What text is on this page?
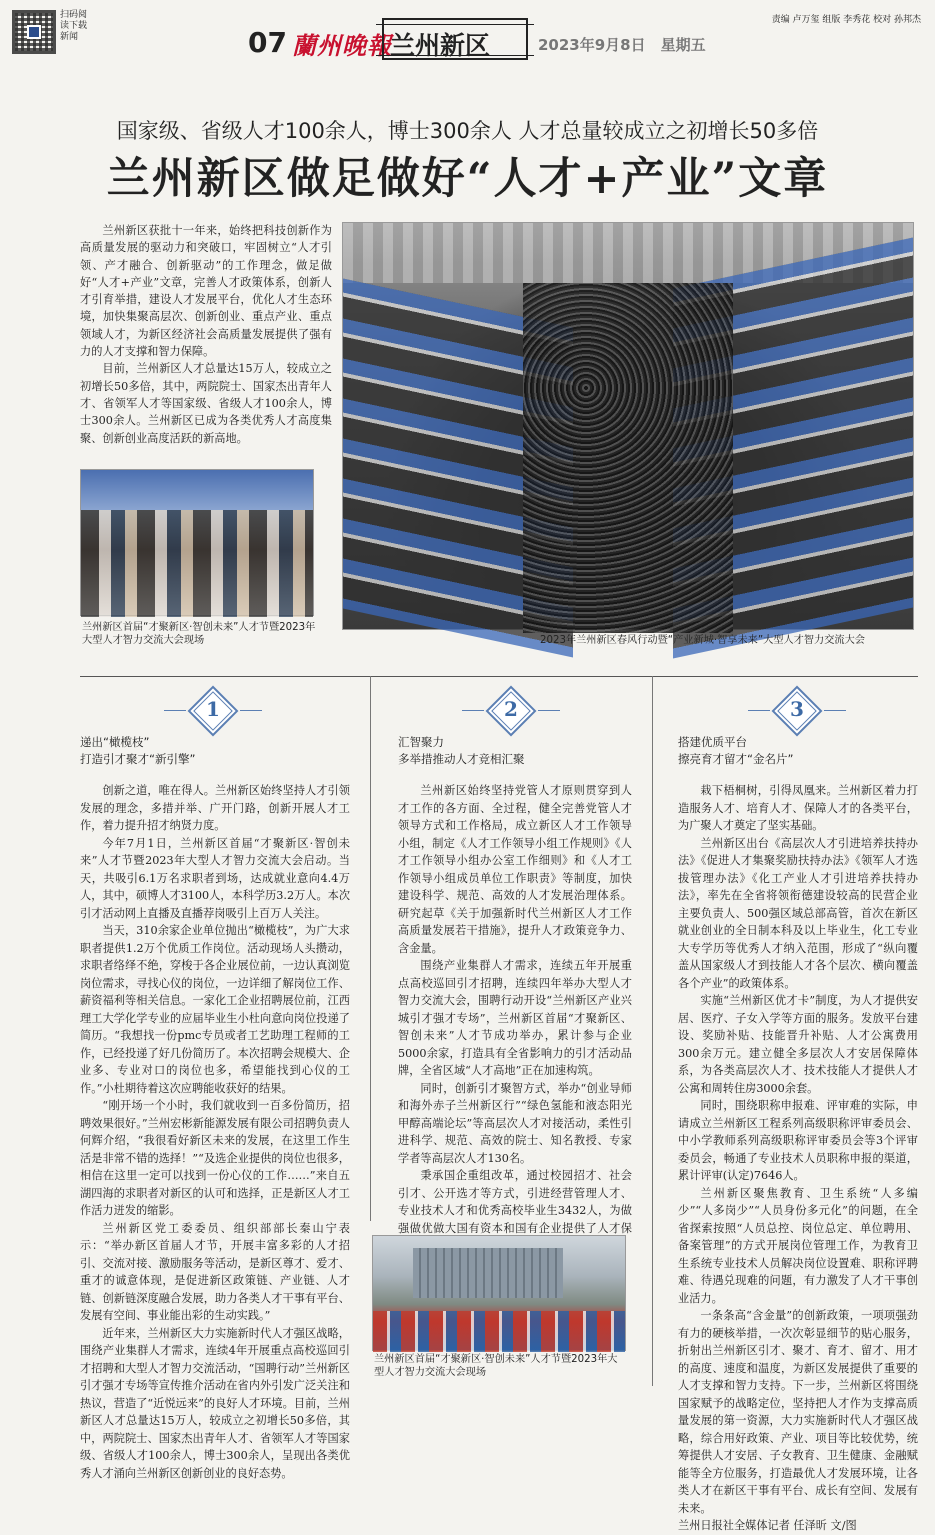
扫码阅读下载新闻	07 蘭州晚報
兰州新区	2023年9月8日　星期五
责编 卢万玺 组版 李秀花 校对 孙邦杰
国家级、省级人才100余人，博士300余人 人才总量较成立之初增长50多倍
兰州新区做足做好“人才+产业”文章

兰州新区获批十一年来，始终把科技创新作为高质量发展的驱动力和突破口，牢固树立“人才引领、产才融合、创新驱动”的工作理念，做足做好“人才+产业”文章，完善人才政策体系，创新人才引育举措，建设人才发展平台，优化人才生态环境，加快集聚高层次、创新创业、重点产业、重点领域人才，为新区经济社会高质量发展提供了强有力的人才支撑和智力保障。

目前，兰州新区人才总量达15万人，较成立之初增长50多倍，其中，两院院士、国家杰出青年人才、省领军人才等国家级、省级人才100余人，博士300余人。兰州新区已成为各类优秀人才高度集聚、创新创业高度活跃的新高地。

兰州新区首届“才聚新区·智创未来”人才节暨2023年大型人才智力交流大会现场	2023年兰州新区春风行动暨“产业新城·智享未来”大型人才智力交流大会
1	2	3
递出“橄榄枝”
打造引才聚才“新引擎”

创新之道，唯在得人。兰州新区始终坚持人才引领发展的理念，多措并举、广开门路，创新开展人才工作，着力提升招才纳贤力度。

今年7月1日，兰州新区首届“才聚新区·智创未来”人才节暨2023年大型人才智力交流大会启动。当天，共吸引6.1万名求职者到场，达成就业意向4.4万人，其中，硕博人才3100人，本科学历3.2万人。本次引才活动网上直播及直播荐岗吸引上百万人关注。

当天，310余家企业单位抛出“橄榄枝”，为广大求职者提供1.2万个优质工作岗位。活动现场人头攒动，求职者络绎不绝，穿梭于各企业展位前，一边认真浏览岗位需求，寻找心仪的岗位，一边详细了解岗位工作、薪资福利等相关信息。一家化工企业招聘展位前，江西理工大学化学专业的应届毕业生小杜向意向岗位投递了简历。“我想找一份pmc专员或者工艺助理工程师的工作，已经投递了好几份简历了。本次招聘会规模大、企业多、专业对口的岗位也多，希望能找到心仪的工作。”小杜期待着这次应聘能收获好的结果。

“刚开场一个小时，我们就收到一百多份简历，招聘效果很好。”兰州宏彬新能源发展有限公司招聘负责人何辉介绍，“我很看好新区未来的发展，在这里工作生活是非常不错的选择！”“及选企业提供的岗位也很多，相信在这里一定可以找到一份心仪的工作……”来自五湖四海的求职者对新区的认可和选择，正是新区人才工作活力迸发的缩影。

兰州新区党工委委员、组织部部长秦山宁表示：“举办新区首届人才节，开展丰富多彩的人才招引、交流对接、激励服务等活动，是新区尊才、爱才、重才的诚意体现，是促进新区政策链、产业链、人才链、创新链深度融合发展，助力各类人才干事有平台、发展有空间、事业能出彩的生动实践。”

近年来，兰州新区大力实施新时代人才强区战略，围绕产业集群人才需求，连续4年开展重点高校巡回引才招聘和大型人才智力交流活动，“国聘行动”兰州新区引才强才专场等宣传推介活动在省内外引发广泛关注和热议，营造了“近悦远来”的良好人才环境。目前，兰州新区人才总量达15万人，较成立之初增长50多倍，其中，两院院士、国家杰出青年人才、省领军人才等国家级、省级人才100余人，博士300余人，呈现出各类优秀人才涌向兰州新区创新创业的良好态势。

汇智聚力
多举措推动人才竞相汇聚

兰州新区始终坚持党管人才原则贯穿到人才工作的各方面、全过程，健全完善党管人才领导方式和工作格局，成立新区人才工作领导小组，制定《人才工作领导小组工作规则》《人才工作领导小组办公室工作细则》和《人才工作领导小组成员单位工作职责》等制度，加快建设科学、规范、高效的人才发展治理体系。研究起草《关于加强新时代兰州新区人才工作高质量发展若干措施》，提升人才政策竞争力、含金量。

围绕产业集群人才需求，连续五年开展重点高校巡回引才招聘，连续四年举办大型人才智力交流大会，围聘行动开设“兰州新区产业兴城引才强才专场”，兰州新区首届“才聚新区、智创未来”人才节成功举办，累计参与企业5000余家，打造具有全省影响力的引才活动品牌，全省区域“人才高地”正在加速构筑。

同时，创新引才聚智方式，举办“创业导师和海外赤子兰州新区行”“绿色氢能和液态阳光甲醇高端论坛”等高层次人才对接活动，柔性引进科学、规范、高效的院士、知名教授、专家学者等高层次人才130名。

秉承国企重组改革，通过校园招才、社会引才、公开选才等方式，引进经营管理人才、专业技术人才和优秀高校毕业生3432人，为做强做优做大国有资本和国有企业提供了人才保

兰州新区首届“才聚新区·智创未来”人才节暨2023年大型人才智力交流大会现场
搭建优质平台
擦亮育才留才“金名片”

栽下梧桐树，引得凤凰来。兰州新区着力打造服务人才、培育人才、保障人才的各类平台，为广聚人才奠定了坚实基础。

兰州新区出台《高层次人才引进培养扶持办法》《促进人才集聚奖励扶持办法》《领军人才选拔管理办法》《化工产业人才引进培养扶持办法》，率先在全省将领衔德建设较高的民营企业主要负责人、500强区域总部高管，首次在新区就业创业的全日制本科及以上毕业生，化工专业大专学历等优秀人才纳入范围，形成了“纵向覆盖从国家级人才到技能人才各个层次、横向覆盖各个产业”的政策体系。

实施“兰州新区优才卡”制度，为人才提供安居、医疗、子女入学等方面的服务。发放平台建设、奖励补贴、技能晋升补贴、人才公寓费用300余万元。建立健全多层次人才安居保障体系，为各类高层次人才、技术技能人才提供人才公寓和周转住房3000余套。

同时，围绕职称申报难、评审难的实际，申请成立兰州新区工程系列高级职称评审委员会、中小学教师系列高级职称评审委员会等3个评审委员会，畅通了专业技术人员职称申报的渠道，累计评审(认定)7646人。

兰州新区聚焦教育、卫生系统“人多编少”“人多岗少”“人员身份多元化”的问题，在全省探索按照“人员总控、岗位总定、单位聘用、备案管理”的方式开展岗位管理工作，为教育卫生系统专业技术人员解决岗位设置难、职称评聘难、待遇兑现难的问题，有力激发了人才干事创业活力。

一条条高“含金量”的创新政策，一项项强劲有力的硬核举措，一次次彰显细节的贴心服务，折射出兰州新区引才、聚才、育才、留才、用才的高度、速度和温度，为新区发展提供了重要的人才支撑和智力支持。下一步，兰州新区将围绕国家赋予的战略定位，坚持把人才作为支撑高质量发展的第一资源，大力实施新时代人才强区战略，综合用好政策、产业、项目等比较优势，统筹提供人才安居、子女教育、卫生健康、金融赋能等全方位服务，打造最优人才发展环境，让各类人才在新区干事有平台、成长有空间、发展有未来。

兰州日报社全媒体记者 任泽昕 文/图
